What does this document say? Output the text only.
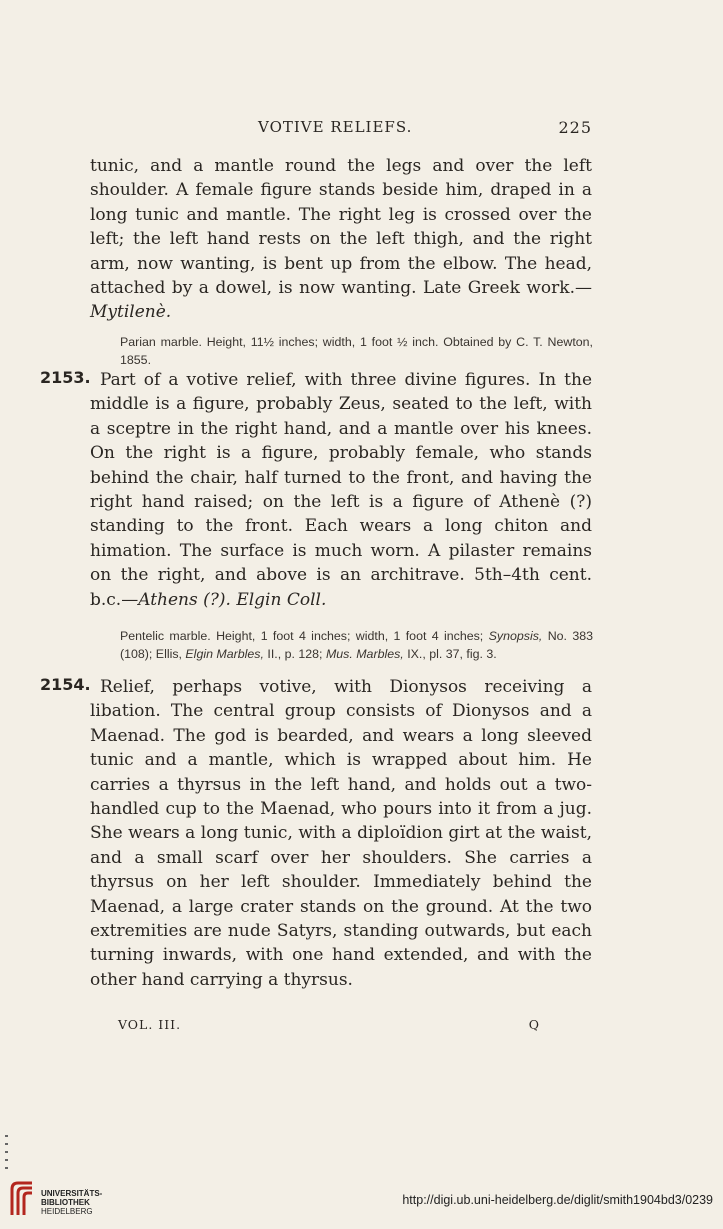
VOTIVE RELIEFS.	225
tunic, and a mantle round the legs and over the left shoulder. A female figure stands beside him, draped in a long tunic and mantle. The right leg is crossed over the left; the left hand rests on the left thigh, and the right arm, now wanting, is bent up from the elbow. The head, attached by a dowel, is now wanting. Late Greek work.—Mytilenè.
Parian marble. Height, 11½ inches; width, 1 foot ½ inch. Obtained by C. T. Newton, 1855.
2153. Part of a votive relief, with three divine figures. In the middle is a figure, probably Zeus, seated to the left, with a sceptre in the right hand, and a mantle over his knees. On the right is a figure, probably female, who stands behind the chair, half turned to the front, and having the right hand raised; on the left is a figure of Athenè (?) standing to the front. Each wears a long chiton and himation. The surface is much worn. A pilaster remains on the right, and above is an architrave. 5th–4th cent. b.c.—Athens (?). Elgin Coll.
Pentelic marble. Height, 1 foot 4 inches; width, 1 foot 4 inches; Synopsis, No. 383 (108); Ellis, Elgin Marbles, II., p. 128; Mus. Marbles, IX., pl. 37, fig. 3.
2154. Relief, perhaps votive, with Dionysos receiving a libation. The central group consists of Dionysos and a Maenad. The god is bearded, and wears a long sleeved tunic and a mantle, which is wrapped about him. He carries a thyrsus in the left hand, and holds out a two-handled cup to the Maenad, who pours into it from a jug. She wears a long tunic, with a diploïdion girt at the waist, and a small scarf over her shoulders. She carries a thyrsus on her left shoulder. Immediately behind the Maenad, a large crater stands on the ground. At the two extremities are nude Satyrs, standing outwards, but each turning inwards, with one hand extended, and with the other hand carrying a thyrsus.
VOL. III.	Q
UNIVERSITÄTS-
BIBLIOTHEK
HEIDELBERG
http://digi.ub.uni-heidelberg.de/diglit/smith1904bd3/0239
